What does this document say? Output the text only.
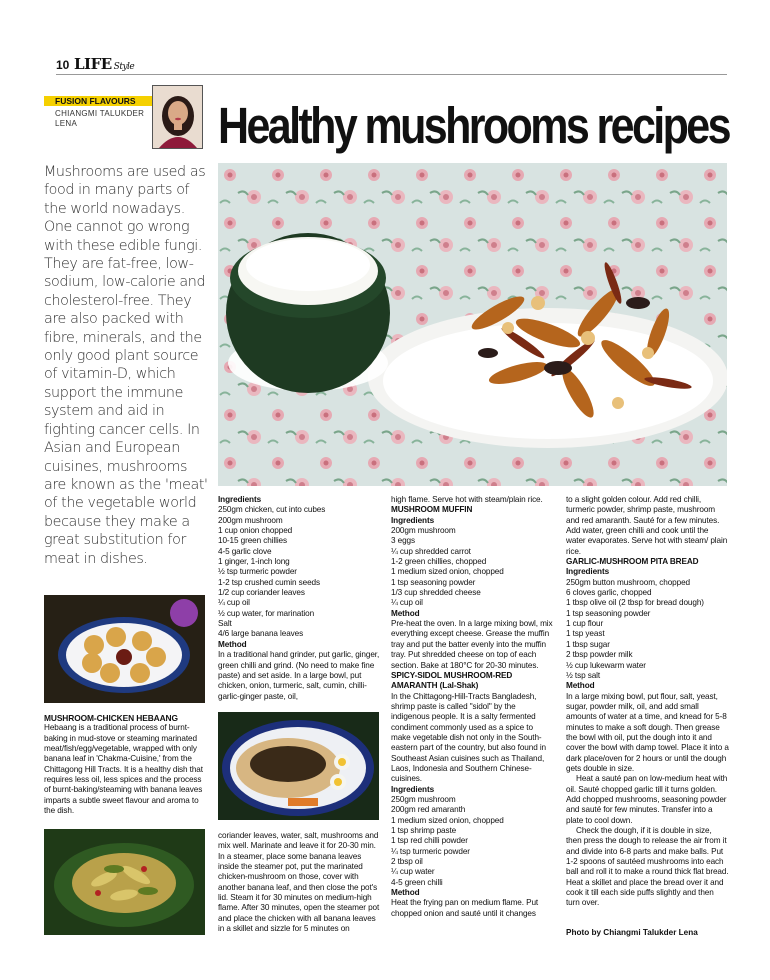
10 LIFE Style
FUSION FLAVOURS
CHIANGMI TALUKDER
LENA	Healthy mushrooms recipes
Mushrooms are used as food in many parts of the world nowadays. One cannot go wrong with these edible fungi. They are fat-free, low-sodium, low-calorie and cholesterol-free. They are also packed with fibre, minerals, and the only good plant source of vitamin-D, which support the immune system and aid in fighting cancer cells. In Asian and European cuisines, mushrooms are known as the 'meat' of the vegetable world because they make a great substitution for meat in dishes.
MUSHROOM-CHICKEN HEBAANG

Hebaang is a traditional process of burnt-baking in mud-stove or steaming marinated meat/fish/egg/vegetable, wrapped with only banana leaf in 'Chakma-Cuisine,' from the Chittagong Hill Tracts. It is a healthy dish that requires less oil, less spices and the process of burnt-baking/steaming with banana leaves imparts a subtle sweet flavour and aroma to the dish.

Ingredients

250gm chicken, cut into cubes

200gm mushroom

1 cup onion chopped

10-15 green chillies

4-5 garlic clove

1 ginger, 1-inch long

½ tsp turmeric powder

1-2 tsp crushed cumin seeds

1/2 cup coriander leaves

¼ cup oil

½ cup water, for marination

Salt

4/6 large banana leaves

Method

In a traditional hand grinder, put garlic, ginger, green chilli and grind. (No need to make fine paste) and set aside. In a large bowl, put chicken, onion, turmeric, salt, cumin, chilli-garlic-ginger paste, oil,

coriander leaves, water, salt, mushrooms and mix well. Marinate and leave it for 20-30 min. In a steamer, place some banana leaves inside the steamer pot, put the marinated chicken-mushroom on those, cover with another banana leaf, and then close the pot's lid. Steam it for 30 minutes on medium-high flame. After 30 minutes, open the steamer pot and place the chicken with all banana leaves in a skillet and sizzle for 5 minutes on

high flame. Serve hot with steam/plain rice.

MUSHROOM MUFFIN

Ingredients

200gm mushroom

3 eggs

¼ cup shredded carrot

1-2 green chillies, chopped

1 medium sized onion, chopped

1 tsp seasoning powder

1/3 cup shredded cheese

¼ cup oil

Method

Pre-heat the oven. In a large mixing bowl, mix everything except cheese. Grease the muffin tray and put the batter evenly into the muffin tray. Put shredded cheese on top of each section. Bake at 180°C for 20-30 minutes.

SPICY-SIDOL MUSHROOM-RED AMARANTH (Lal-Shak)

In the Chittagong-Hill-Tracts Bangladesh, shrimp paste is called "sidol" by the indigenous people. It is a salty fermented condiment commonly used as a spice to make vegetable dish not only in the South-eastern part of the country, but also found in Southeast Asian cuisines such as Thailand, Laos, Indonesia and Southern Chinese-cuisines.

Ingredients

250gm mushroom

200gm red amaranth

1 medium sized onion, chopped

1 tsp shrimp paste

1 tsp red chilli powder

¼ tsp turmeric powder

2 tbsp oil

¼ cup water

4-5 green chilli

Method

Heat the frying pan on medium flame. Put chopped onion and sauté until it changes

to a slight golden colour. Add red chilli, turmeric powder, shrimp paste, mushroom and red amaranth. Sauté for a few minutes. Add water, green chilli and cook until the water evaporates. Serve hot with steam/ plain rice.

GARLIC-MUSHROOM PITA BREAD

Ingredients

250gm button mushroom, chopped

6 cloves garlic, chopped

1 tbsp olive oil (2 tbsp for bread dough)

1 tsp seasoning powder

1 cup flour

1 tsp yeast

1 tbsp sugar

2 tbsp powder milk

½ cup lukewarm water

½ tsp salt

Method

In a large mixing bowl, put flour, salt, yeast, sugar, powder milk, oil, and add small amounts of water at a time, and knead for 5-8 minutes to make a soft dough. Then grease the bowl with oil, put the dough into it and cover the bowl with damp towel. Place it into a dark place/oven for 2 hours or until the dough gets double in size.

Heat a sauté pan on low-medium heat with oil. Sauté chopped garlic till it turns golden. Add chopped mushrooms, seasoning powder and sauté for few minutes. Transfer into a plate to cool down.

Check the dough, if it is double in size, then press the dough to release the air from it and divide into 6-8 parts and make balls. Put 1-2 spoons of sautéed mushrooms into each ball and roll it to make a round thick flat bread. Heat a skillet and place the bread over it and cook it till each side puffs slightly and then turn over.

Photo by Chiangmi Talukder Lena
